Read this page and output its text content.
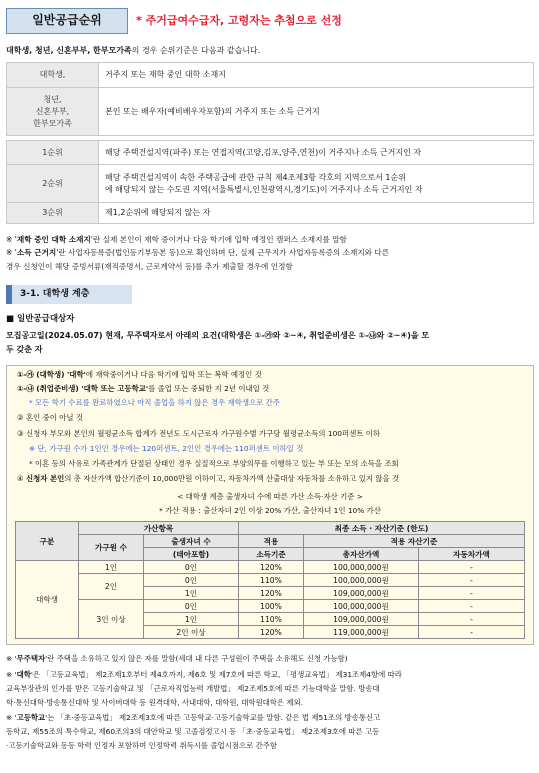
일반공급순위	* 주거급여수급자, 고령자는 추첨으로 선정
대학생, 청년, 신혼부부, 한부모가족의 경우 순위기준은 다음과 같습니다.
대학생,	거주지 또는 재학 중인 대학 소재지
청년,
신혼부부,
한부모가족	본인 또는 배우자(예비배우자포함)의 거주지 또는 소득 근거지
1순위	해당 주택건설지역(파주) 또는 연접지역(고양,김포,양주,연천)이 거주지나 소득 근거지인 자
2순위	해당 주택건설지역이 속한 주택공급에 관한 규칙 제4조제3항 각호의 지역으로서 1순위
에 해당되지 않는 수도권 지역(서울특별시,인천광역시,경기도)이 거주지나 소득 근거지인 자

3순위	제1,2순위에 해당되지 않는 자
※ '재학 중인 대학 소재지'란 실제 본인이 재학 중이거나 다음 학기에 입학 예정인 캠퍼스 소재지를 말함
※ '소득 근거지'란 사업자등록증(법인등기부등본 등)으로 확인하며 단, 실제 근무지가 사업자등록증의 소재지와 다른
경우 신청인이 해당 증빙서류(재직증명서, 근로계약서 등)를 추가 제출할 경우에 인정함
3-1. 대학생 계층
■ 일반공급대상자
모집공고일(2024.05.07) 현재, 무주택자로서 아래의 요건(대학생은 ①-㉮와 ②~④, 취업준비생은 ①-㉯와 ②~④)을 모
두 갖춘 자
①-㉮ (대학생) '대학'에 재학중이거나 다음 학기에 입학 또는 복학 예정인 것
①-㉯ (취업준비생) '대학 또는 고등학교'를 졸업 또는 중퇴한 지 2년 이내일 것
* 모든 학기 수료를 완료하였으나 아직 졸업을 하지 않은 경우 재학생으로 간주
② 혼인 중이 아닐 것
③ 신청자 부모와 본인의 월평균소득 합계가 전년도 도시근로자 가구원수별 가구당 월평균소득의 100퍼센트 이하
※ 단, 가구원 수가 1인인 경우에는 120퍼센트, 2인인 경우에는 110퍼센트 이하일 것
* 이혼 등의 사유로 가족관계가 단절된 상태인 경우 실질적으로 부양의무를 이행하고 있는 부 또는 모의 소득을 조회
④ 신청자 본인의 총 자산가액 합산기준이 10,000만원 이하이고, 자동차가액 산출대상 자동차를 소유하고 있지 않을 것
< 대학생 계층 출생자녀 수에 따른 가산 소득·자산 기준 >
* 가산 적용 : 출산자녀 2인 이상 20% 가산, 출산자녀 1인 10% 가산
구분	가산항목		최종 소득 · 자산기준 (한도)		
	가구원 수	출생자녀 수	적용	적용 자산기준	
		(태아포함)	소득기준	총자산가액	자동차가액
대학생	1인	0인	120%	100,000,000원	-
	2인	0인	110%	100,000,000원	-
		1인	120%	109,000,000원	-
	3인 이상	0인	100%	100,000,000원	-
		1인	110%	109,000,000원	-
		2인 이상	120%	119,000,000원	-
※ '무주택자'란 주택을 소유하고 있지 않은 자를 말함(세대 내 다른 구성원이 주택을 소유해도 신청 가능함)
※ '대학'은 「고등교육법」 제2조제1호부터 제4호까지, 제6호 및 제7호에 따른 학교, 「평생교육법」 제31조제4항에 따라
교육부장관의 인가를 받은 고등기술학교 및 「근로자직업능력 개발법」 제2조제5호에 따른 기능대학을 말함. 방송대
학·통신대학·방송통신대학 및 사이버대학 등 원격대학, 사내대학, 대학원, 대학원대학은 제외.
※ '고등학교'는 「초·중등교육법」 제2조제3호에 따른 고등학교·고등기술학교를 말함. 같은 법 제51조의 방송통신고
등학교, 제55조의 특수학교, 제60조의3의 대안학교 및 고졸검정고시 등 「초·중등교육법」 제2조제3호에 따른 고등
·고등기술학교와 동등 학력 인정자 포함하며 인정학력 취득시를 졸업시점으로 간주함
